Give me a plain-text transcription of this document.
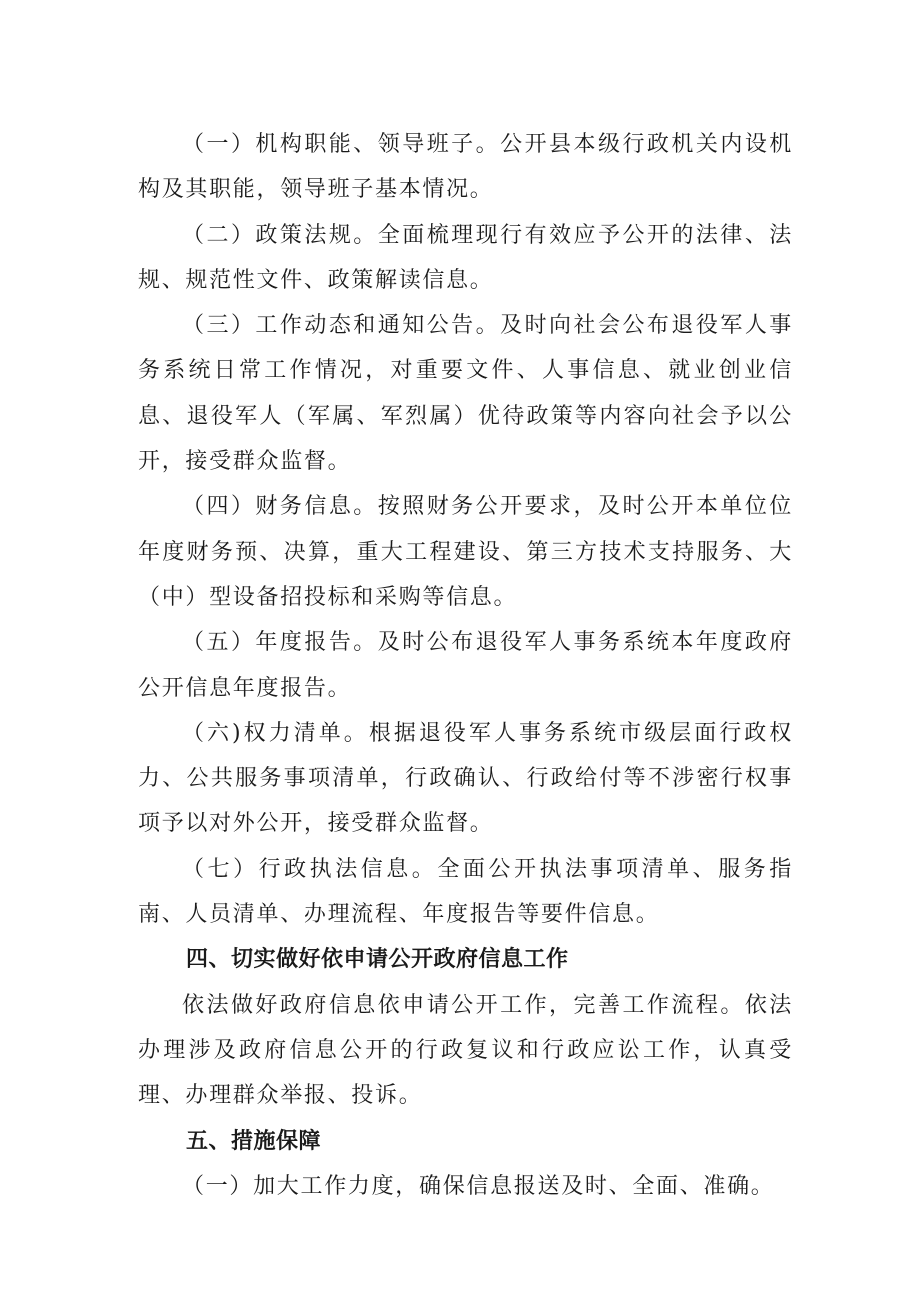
（一）机构职能、领导班子。公开县本级行政机关内设机构及其职能，领导班子基本情况。

（二）政策法规。全面梳理现行有效应予公开的法律、法规、规范性文件、政策解读信息。

（三）工作动态和通知公告。及时向社会公布退役军人事务系统日常工作情况，对重要文件、人事信息、就业创业信息、退役军人（军属、军烈属）优待政策等内容向社会予以公开，接受群众监督。

（四）财务信息。按照财务公开要求，及时公开本单位位年度财务预、决算，重大工程建设、第三方技术支持服务、大（中）型设备招投标和采购等信息。

（五）年度报告。及时公布退役军人事务系统本年度政府公开信息年度报告。

（六)权力清单。根据退役军人事务系统市级层面行政权力、公共服务事项清单，行政确认、行政给付等不涉密行权事项予以对外公开，接受群众监督。

（七）行政执法信息。全面公开执法事项清单、服务指南、人员清单、办理流程、年度报告等要件信息。

四、切实做好依申请公开政府信息工作

依法做好政府信息依申请公开工作，完善工作流程。依法办理涉及政府信息公开的行政复议和行政应讼工作，认真受理、办理群众举报、投诉。

五、措施保障

（一）加大工作力度，确保信息报送及时、全面、准确。
